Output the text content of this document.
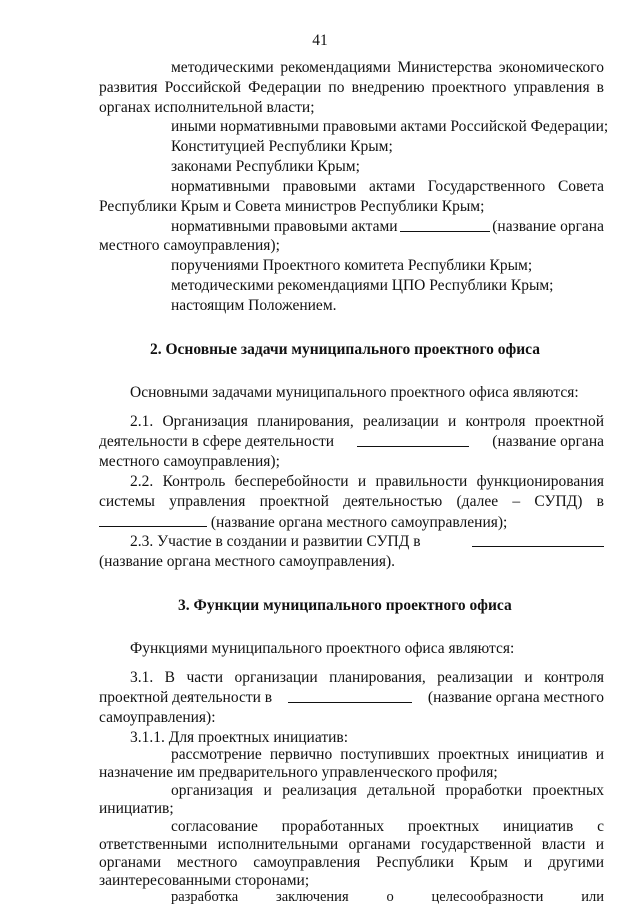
41
методическими рекомендациями Министерства экономического
развития Российской Федерации по внедрению проектного управления в
органах исполнительной власти;
иными нормативными правовыми актами Российской Федерации;
Конституцией Республики Крым;
законами Республики Крым;
нормативными правовыми актами Государственного Совета
Республики Крым и Совета министров Республики Крым;
нормативными правовыми актами	(название органа
местного самоуправления);
поручениями Проектного комитета Республики Крым;
методическими рекомендациями ЦПО Республики Крым;
настоящим Положением.
2. Основные задачи муниципального проектного офиса
Основными задачами муниципального проектного офиса являются:
2.1. Организация планирования, реализации и контроля проектной
деятельности в сфере деятельности	(название органа
местного самоуправления);
2.2. Контроль бесперебойности и правильности функционирования
системы управления проектной деятельностью (далее – СУПД) в
(название органа местного самоуправления);
2.3. Участие в создании и развитии СУПД в
(название органа местного самоуправления).
3. Функции муниципального проектного офиса
Функциями муниципального проектного офиса являются:
3.1. В части организации планирования, реализации и контроля
проектной деятельности в	(название органа местного
самоуправления):
3.1.1. Для проектных инициатив:
рассмотрение первично поступивших проектных инициатив и
назначение им предварительного управленческого профиля;
организация и реализация детальной проработки проектных
инициатив;
согласование проработанных проектных инициатив с
ответственными исполнительными органами государственной власти и
органами местного самоуправления Республики Крым и другими
заинтересованными сторонами;
разработка заключения о целесообразности или
